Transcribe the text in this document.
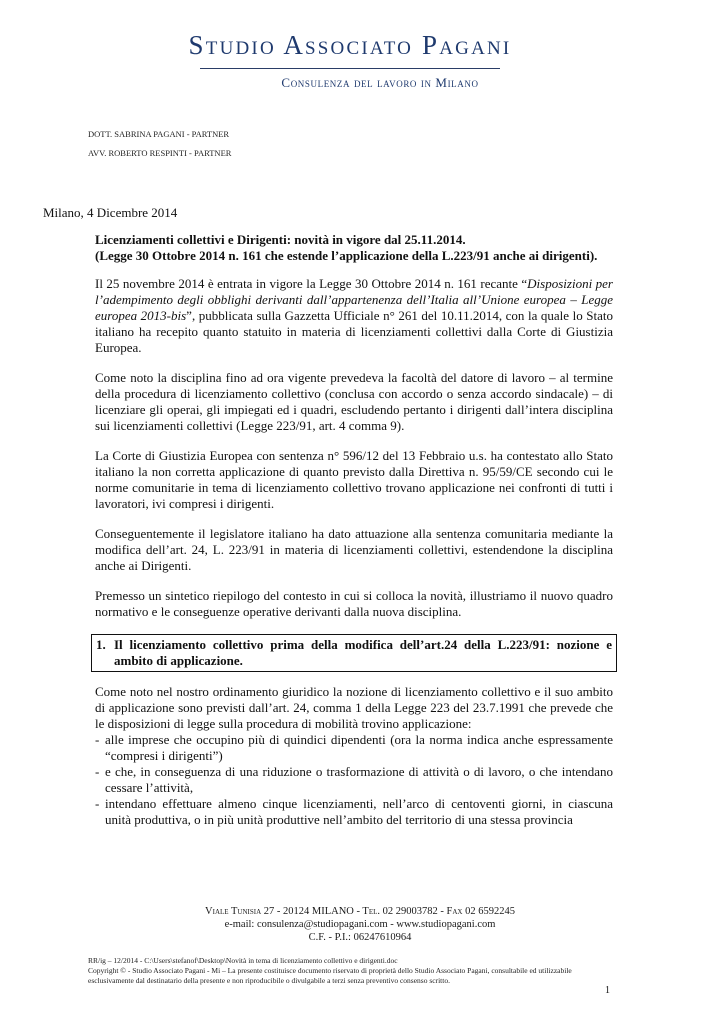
Studio Associato Pagani
Consulenza del lavoro in Milano
DOTT. SABRINA PAGANI - PARTNER
AVV. ROBERTO RESPINTI - PARTNER
Milano, 4 Dicembre 2014
Licenziamenti collettivi e Dirigenti: novità in vigore dal 25.11.2014.
(Legge 30 Ottobre 2014 n. 161 che estende l’applicazione della L.223/91 anche ai dirigenti).

Il 25 novembre 2014 è entrata in vigore la Legge 30 Ottobre 2014 n. 161 recante “Disposizioni per l’adempimento degli obblighi derivanti dall’appartenenza dell’Italia all’Unione europea – Legge europea 2013-bis”, pubblicata sulla Gazzetta Ufficiale n° 261 del 10.11.2014, con la quale lo Stato italiano ha recepito quanto statuito in materia di licenziamenti collettivi dalla Corte di Giustizia Europea.

Come noto la disciplina fino ad ora vigente prevedeva la facoltà del datore di lavoro – al termine della procedura di licenziamento collettivo (conclusa con accordo o senza accordo sindacale) – di licenziare gli operai, gli impiegati ed i quadri, escludendo pertanto i dirigenti dall’intera disciplina sui licenziamenti collettivi (Legge 223/91, art. 4 comma 9).

La Corte di Giustizia Europea con sentenza n° 596/12 del 13 Febbraio u.s. ha contestato allo Stato italiano la non corretta applicazione di quanto previsto dalla Direttiva n. 95/59/CE secondo cui le norme comunitarie in tema di licenziamento collettivo trovano applicazione nei confronti di tutti i lavoratori, ivi compresi i dirigenti.

Conseguentemente il legislatore italiano ha dato attuazione alla sentenza comunitaria mediante la modifica dell’art. 24, L. 223/91 in materia di licenziamenti collettivi, estendendone la disciplina anche ai Dirigenti.

Premesso un sintetico riepilogo del contesto in cui si colloca la novità, illustriamo il nuovo quadro normativo e le conseguenze operative derivanti dalla nuova disciplina.

1. Il licenziamento collettivo prima della modifica dell’art.24 della L.223/91: nozione e ambito di applicazione.

Come noto nel nostro ordinamento giuridico la nozione di licenziamento collettivo e il suo ambito di applicazione sono previsti dall’art. 24, comma 1 della Legge 223 del 23.7.1991 che prevede che le disposizioni di legge sulla procedura di mobilità trovino applicazione:

- alle imprese che occupino più di quindici dipendenti (ora la norma indica anche espressamente “compresi i dirigenti”)
- e che, in conseguenza di una riduzione o trasformazione di attività o di lavoro, o che intendano cessare l’attività,
- intendano effettuare almeno cinque licenziamenti, nell’arco di centoventi giorni, in ciascuna unità produttiva, o in più unità produttive nell’ambito del territorio di una stessa provincia
Viale Tunisia 27 - 20124 MILANO - Tel. 02 29003782 - Fax 02 6592245
e-mail: consulenza@studiopagani.com - www.studiopagani.com
C.F. - P.I.: 06247610964
RR/ig – 12/2014 - C:\Users\stefanof\Desktop\Novità in tema di licenziamento collettivo e dirigenti.doc
Copyright © - Studio Associato Pagani - Mi – La presente costituisce documento riservato di proprietà dello Studio Associato Pagani, consultabile ed utilizzabile esclusivamente dal destinatario della presente e non riproducibile o divulgabile a terzi senza preventivo consenso scritto.
1
